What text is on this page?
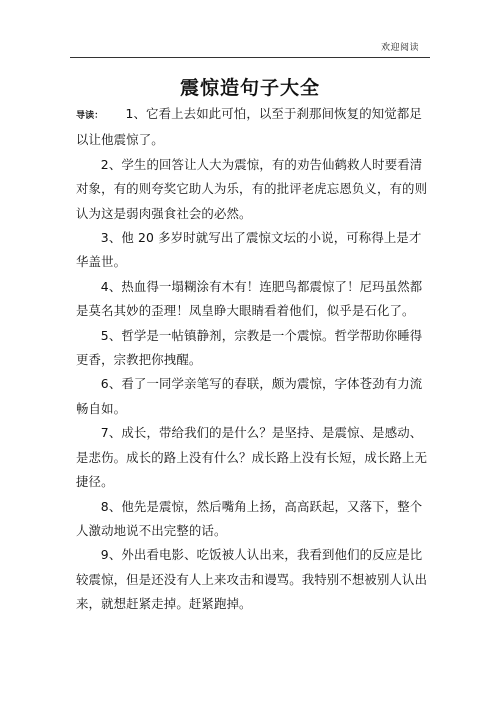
欢迎阅读
震惊造句子大全

导读： 1、它看上去如此可怕，以至于刹那间恢复的知觉都足以让他震惊了。

2、学生的回答让人大为震惊，有的劝告仙鹤救人时要看清对象，有的则夸奖它助人为乐，有的批评老虎忘恩负义，有的则认为这是弱肉强食社会的必然。

3、他 20 多岁时就写出了震惊文坛的小说，可称得上是才华盖世。

4、热血得一塌糊涂有木有！连肥鸟都震惊了！尼玛虽然都是莫名其妙的歪理！凤皇睁大眼睛看着他们，似乎是石化了。

5、哲学是一帖镇静剂，宗教是一个震惊。哲学帮助你睡得更香，宗教把你拽醒。

6、看了一同学亲笔写的春联，颇为震惊，字体苍劲有力流畅自如。

7、成长，带给我们的是什么？是坚持、是震惊、是感动、是悲伤。成长的路上没有什么？成长路上没有长短，成长路上无捷径。

8、他先是震惊，然后嘴角上扬，高高跃起，又落下，整个人激动地说不出完整的话。

9、外出看电影、吃饭被人认出来，我看到他们的反应是比较震惊，但是还没有人上来攻击和谩骂。我特别不想被别人认出来，就想赶紧走掉。赶紧跑掉。
